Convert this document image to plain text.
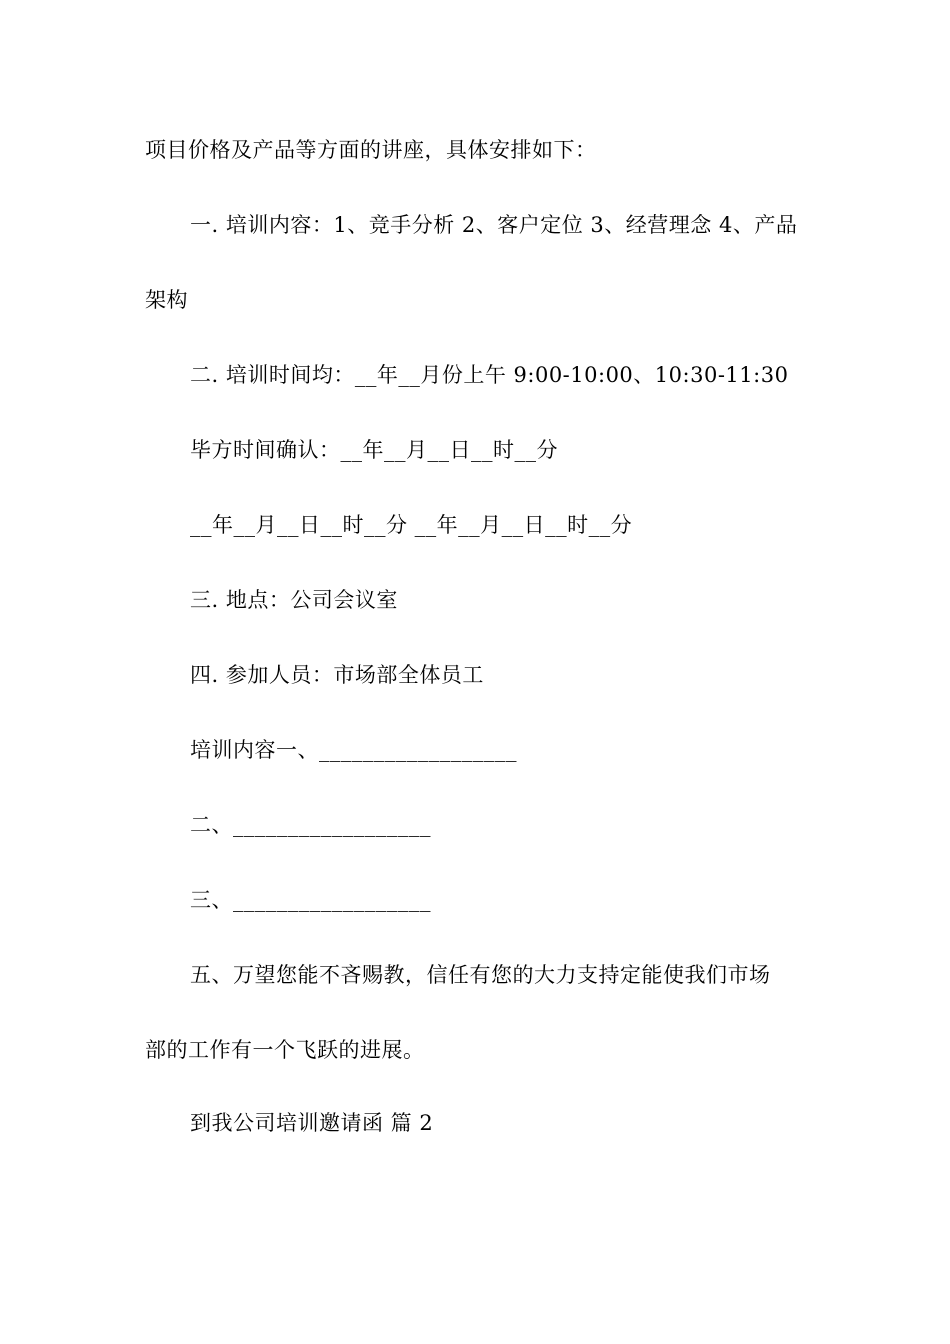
项目价格及产品等方面的讲座，具体安排如下：
一. 培训内容：1、竞手分析 2、客户定位 3、经营理念 4、产品
架构
二. 培训时间均：__年__月份上午 9:00-10:00、10:30-11:30
毕方时间确认：__年__月__日__时__分
__年__月__日__时__分 __年__月__日__时__分
三. 地点：公司会议室
四. 参加人员：市场部全体员工
培训内容一、__________________
二、__________________
三、__________________
五、万望您能不吝赐教，信任有您的大力支持定能使我们市场
部的工作有一个飞跃的进展。
到我公司培训邀请函 篇 2
